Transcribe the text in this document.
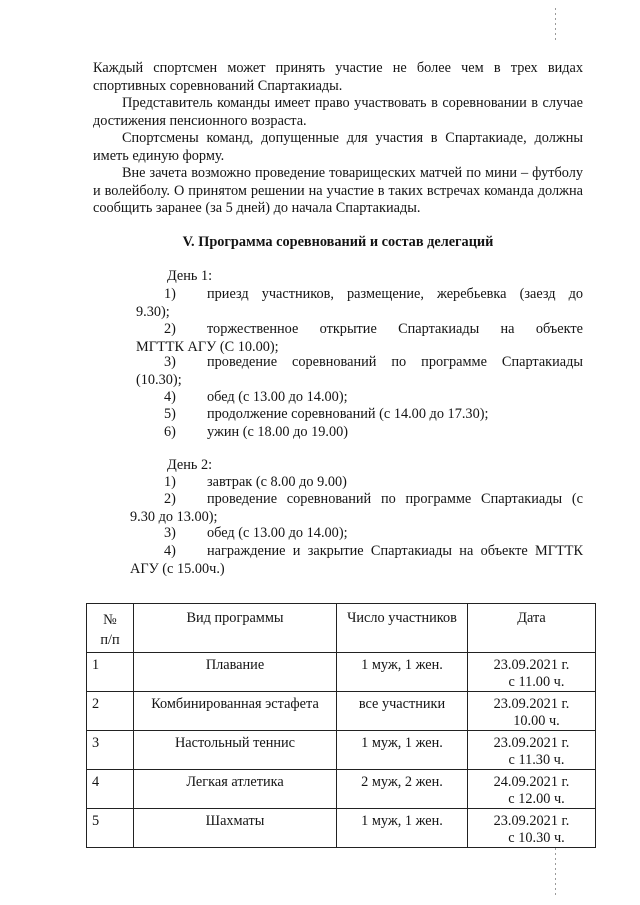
Каждый спортсмен может принять участие не более чем в трех видах

спортивных соревнований Спартакиады.

Представитель команды имеет право участвовать в соревновании в случае достижения пенсионного возраста.

Спортсмены команд, допущенные для участия в Спартакиаде, должны иметь единую форму.

Вне зачета возможно проведение товарищеских матчей по мини – футболу и волейболу. О принятом решении на участие в таких встречах команда должна сообщить заранее (за 5 дней) до начала Спартакиады.

V. Программа соревнований и состав делегаций

День 1:

1) приезд участников, размещение, жеребьевка (заезд до
9.30);
2) торжественное открытие Спартакиады на объекте
МГТТК АГУ (С 10.00);
3) проведение соревнований по программе Спартакиады
(10.30);
4) обед (с 13.00 до 14.00);
5) продолжение соревнований (с 14.00 до 17.30);
6) ужин (с 18.00 до 19.00)

День 2:

1) завтрак (с 8.00 до 9.00)
2) проведение соревнований по программе Спартакиады (с
9.30 до 13.00);
3) обед (с 13.00 до 14.00);
4) награждение и закрытие Спартакиады на объекте МГТТК
АГУ (с 15.00ч.)
№
п/п	Вид программы	Число участников	Дата
1	Плавание	1 муж, 1 жен.	23.09.2021 г.
с 11.00 ч.

2	Комбинированная эстафета	все участники	23.09.2021 г.
10.00 ч.

3	Настольный теннис	1 муж, 1 жен.	23.09.2021 г.
с 11.30 ч.

4	Легкая атлетика	2 муж, 2 жен.	24.09.2021 г.
с 12.00 ч.

5	Шахматы	1 муж, 1 жен.	23.09.2021 г.
с 10.30 ч.
